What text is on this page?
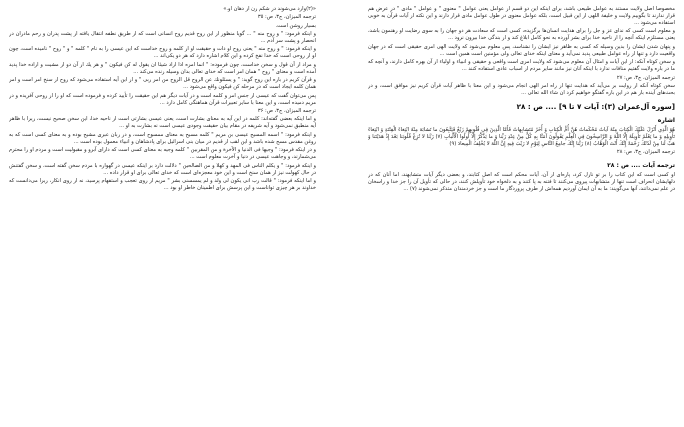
«(٢)وارد مى‌شوند در شكم زن از دهان او.»

ترجمه الميزان، ج٣، ص: ٣٥

بسيار روشن است.

و اينكه فرمود: " و روح منه " ... گويا منظور از اين روح قديم روح انسانى است كه از طريق نطفه انتقال يافته از پشت پدران و رحم مادران در انحصار و پشت سر آدم ...

و اينكه فرمود: " و روح منه " يعنى روح او ذات و حقيقت او از كلمه و روح خداست كه اين عيسى را به نام " كلمه " و " روح " ناميده است، چون او از روحى است كه خدا نفخ كرده و اين كلام اشاره دارد كه هر دو يكى‌اند ...

و مراد از آن قول و سخن خداست، چون فرموده: " انما امره اذا اراد شيئا ان يقول له كن فيكون " و هر يك از آن دو از مشيت و اراده خدا پديد آمده است و معناى " روح " همان امر است كه خداى تعالى بدان وسيله زنده مى‌كند ...

و قرآن كريم در باره اين روح گويد: " و يسئلونك عن الروح قل الروح من امر ربى " و از اين آيه استفاده مى‌شود كه روح از سنخ امر است و امر همان كلمه ايجاد است كه در مرحله كن فيكون واقع مى‌شود ...

پس مى‌توان گفت كه عيسى از جنس امر و كلمه است و در آيات ديگر هم اين حقيقت را تأييد كرده و فرموده است كه او را از روحى آفريده و در مريم دميده است، و اين معنا با ساير تعبيرات قرآن هماهنگى كامل دارد ...

ترجمه الميزان، ج٣، ص: ٣۶

و اما اينكه بعضى گفته‌اند: كلمه در اين آيه به معناى بشارت است، يعنى عيسى بشارتى است از ناحيه خدا، اين سخن صحيح نيست، زيرا با ظاهر آيه منطبق نمى‌شود و آيه شريفه در مقام بيان حقيقت وجودى عيسى است نه بشارت به او ...

و اينكه فرمود: " اسمه المسيح عيسى بن مريم " كلمه مسيح به معناى ممسوح است، و در زبان عبرى مشيح بوده و به معناى كسى است كه به روغن مقدس مسح شده باشد و اين لقب از قديم در ميان بنى اسرائيل براى پادشاهان و انبياء معمول بوده است ...

و در اينكه فرمود: " وجيها فى الدنيا و الآخرة و من المقربين " كلمه وجيه به معناى كسى است كه داراى آبرو و مقبوليت است و مردم او را محترم مى‌شمارند، و وجاهت عيسى در دنيا و آخرت معلوم است ...

و اينكه فرمود: " و يكلم الناس فى المهد و كهلا و من الصالحين " دلالت دارد بر اينكه عيسى در گهواره با مردم سخن گفته است، و سخن گفتنش در حال كهولت نيز از همان سنخ است و اين خود معجزه‌اى است كه خداى تعالى براى او قرار داده ...

و اما اينكه فرمود: " قالت رب انى يكون لى ولد و لم يمسسنى بشر " مريم از روى تعجب و استفهام پرسيد، نه از روى انكار، زيرا مى‌دانست كه خداوند بر هر چيزى تواناست و اين پرسش براى اطمينان خاطر او بود ...

مخصوصا اصل ولايت مستند به عوامل طبيعى باشد، براى اينكه اين دو قسم از عوامل يعنى عوامل " معنوى " و عوامل " مادى " در عرض هم قرار ندارند تا بگوييم ولايت و خليفة اللهى از اين قبيل است، بلكه عوامل معنوى در طول عوامل مادى قرار دارند و اين نكته از آيات قرآن به خوبى استفاده مى‌شود ...

و معلوم است كسى كه نداى عز و جل را براى هدايت انسان‌ها برگزيده، كسى است كه سعادت هر دو جهان را به سوى رضايت او رهنمون باشد، يعنى مستلزم اينكه آنچه را از ناحيه خدا براى بشر آورده به نحو كامل ابلاغ كند و از بندگى خدا بيرون نرود ...

و پنهان شدن ايشان را بدين وسيله كه كسى به ظاهر نيز ايشان را نشناسد، پس معلوم مى‌شود كه ولايت الهى امرى حقيقى است كه در جهان واقعيت دارد و تنها از راه عوامل طبيعى پديد نمى‌آيد و معناى اينكه خداى تعالى ولى مؤمنين است همين است ...

و سخن كوتاه آنكه: از اين آيات و امثال آن معلوم مى‌شود كه ولايت امرى است واقعى و حقيقى و انبياء و اولياء از آن بهره كامل دارند، و آنچه كه ما در باره ولايت گفتيم منافات ندارد با اينكه آنان نيز مانند ساير مردم از اسباب عادى استفاده كنند ...

ترجمه الميزان، ج٣، ص: ٢٧

سخن كوتاه آنكه از روايت بر مى‌آيد كه هدايت تنها از راه امر الهى انجام مى‌شود و اين معنا با ظاهر آيات قرآن كريم نيز موافق است، و در بحث‌هاى آينده باز هم در اين باره گفتگو خواهيم كرد ان شاء الله تعالى ...

[سوره آل‌عمران (٣): آيات ٧ تا ٩] .... ص : ٢٨
اشاره

هُوَ الَّذِي أَنْزَلَ عَلَيْكَ الْكِتابَ مِنْهُ آياتٌ مُحْكَماتٌ هُنَّ أُمُّ الْكِتابِ وَ أُخَرُ مُتَشابِهاتٌ فَأَمَّا الَّذِينَ فِي قُلُوبِهِمْ زَيْغٌ فَيَتَّبِعُونَ ما تَشابَهَ مِنْهُ ابْتِغاءَ الْفِتْنَةِ وَ ابْتِغاءَ تَأْوِيلِهِ وَ ما يَعْلَمُ تَأْوِيلَهُ إِلَّا اللَّهُ وَ الرَّاسِخُونَ فِي الْعِلْمِ يَقُولُونَ آمَنَّا بِهِ كُلٌّ مِنْ عِنْدِ رَبِّنا وَ ما يَذَّكَّرُ إِلَّا أُولُوا الْأَلْبابِ (٧) رَبَّنا لا تُزِغْ قُلُوبَنا بَعْدَ إِذْ هَدَيْتَنا وَ هَبْ لَنا مِنْ لَدُنْكَ رَحْمَةً إِنَّكَ أَنْتَ الْوَهَّابُ (٨) رَبَّنا إِنَّكَ جامِعُ النَّاسِ لِيَوْمٍ لا رَيْبَ فِيهِ إِنَّ اللَّهَ لا يُخْلِفُ الْمِيعادَ (٩)

ترجمه الميزان، ج٣، ص: ٢٨

ترجمه آيات .... ص : ٢٨

او كسى است كه اين كتاب را بر تو نازل كرد، پاره‌اى از آن، آيات محكم است كه اصل كتابند، و بعضى ديگر آيات متشابهند، اما آنان كه در دلهايشان انحراف است تنها از متشابهات پيروى مى‌كنند تا فتنه به پا كنند و به دلخواه خود تأويلش كنند، در حالى كه تأويل آن را جز خدا و راسخان در علم نمى‌دانند، آنها مى‌گويند: ما به آن ايمان آورديم همه‌اش از طرف پروردگار ما است و جز خردمندان متذكر نمى‌شوند (٧) ...
